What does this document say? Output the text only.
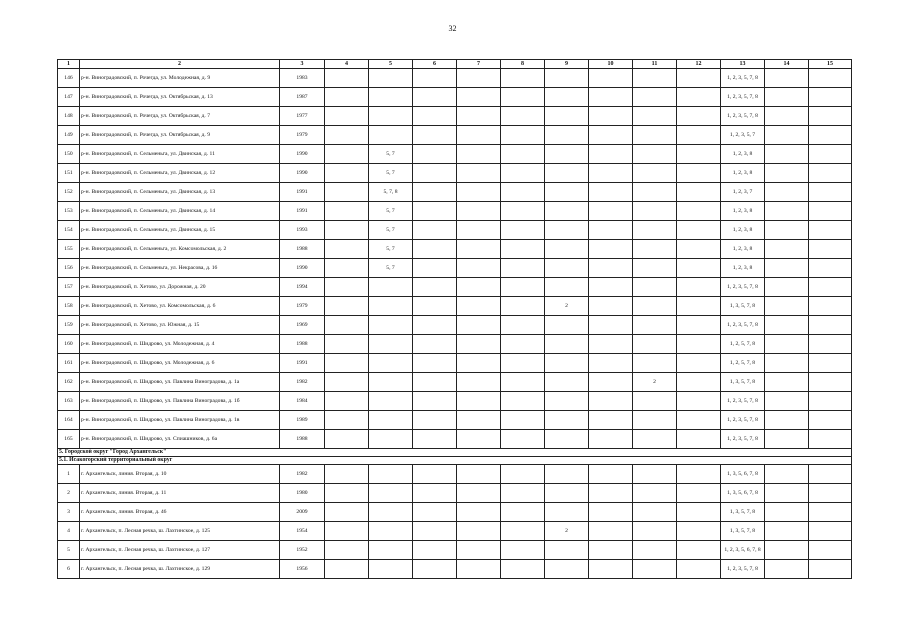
32
1	2	3	4	5	6	7	8	9	10	11	12	13	14	15
146	р-н. Виноградовский, п. Рочегда, ул. Молодежная, д. 9	1983										1, 2, 3, 5, 7, 8		
147	р-н. Виноградовский, п. Рочегда, ул. Октябрьская, д. 13	1987										1, 2, 3, 5, 7, 8		
148	р-н. Виноградовский, п. Рочегда, ул. Октябрьская, д. 7	1977										1, 2, 3, 5, 7, 8		
149	р-н. Виноградовский, п. Рочегда, ул. Октябрьская, д. 9	1979										1, 2, 3, 5, 7		
150	р-н. Виноградовский, п. Сельменьга, ул. Двинская, д. 11	1990		5, 7								1, 2, 3, 8		
151	р-н. Виноградовский, п. Сельменьга, ул. Двинская, д. 12	1990		5, 7								1, 2, 3, 8		
152	р-н. Виноградовский, п. Сельменьга, ул. Двинская, д. 13	1991		5, 7, 8								1, 2, 3, 7		
153	р-н. Виноградовский, п. Сельменьга, ул. Двинская, д. 14	1991		5, 7								1, 2, 3, 8		
154	р-н. Виноградовский, п. Сельменьга, ул. Двинская, д. 15	1993		5, 7								1, 2, 3, 8		
155	р-н. Виноградовский, п. Сельменьга, ул. Комсомольская, д. 2	1988		5, 7								1, 2, 3, 8		
156	р-н. Виноградовский, п. Сельменьга, ул. Некрасова, д. 16	1990		5, 7								1, 2, 3, 8		
157	р-н. Виноградовский, п. Хетово, ул. Дорожная, д. 20	1994										1, 2, 3, 5, 7, 8		
158	р-н. Виноградовский, п. Хетово, ул. Комсомольская, д. 6	1979						2				1, 3, 5, 7, 8		
159	р-н. Виноградовский, п. Хетово, ул. Южная, д. 15	1969										1, 2, 3, 5, 7, 8		
160	р-н. Виноградовский, п. Шидрово, ул. Молодежная, д. 4	1988										1, 2, 5, 7, 8		
161	р-н. Виноградовский, п. Шидрово, ул. Молодежная, д. 6	1991										1, 2, 5, 7, 8		
162	р-н. Виноградовский, п. Шидрово, ул. Павлина Виноградова, д. 1а	1982								2		1, 3, 5, 7, 8		
163	р-н. Виноградовский, п. Шидрово, ул. Павлина Виноградова, д. 1б	1984										1, 2, 3, 5, 7, 8		
164	р-н. Виноградовский, п. Шидрово, ул. Павлина Виноградова, д. 1в	1989										1, 2, 3, 5, 7, 8		
165	р-н. Виноградовский, п. Шидрово, ул. Спиашников, д. 6а	1988										1, 2, 3, 5, 7, 8		
5. Городской округ "Город Архангельск"														
5.1. Исакогорский территориальный округ														
1	г. Архангельск, линия. Вторая, д. 10	1982										1, 3, 5, 6, 7, 8		
2	г. Архангельск, линия. Вторая, д. 11	1980										1, 3, 5, 6, 7, 8		
3	г. Архангельск, линия. Вторая, д. 46	2009										1, 3, 5, 7, 8		
4	г. Архангельск, п. Лесная речка, ш. Лахтинское, д. 125	1954						2				1, 3, 5, 7, 8		
5	г. Архангельск, п. Лесная речка, ш. Лахтинское, д. 127	1952										1, 2, 3, 5, 6, 7, 8		
6	г. Архангельск, п. Лесная речка, ш. Лахтинское, д. 129	1956										1, 2, 3, 5, 7, 8		
